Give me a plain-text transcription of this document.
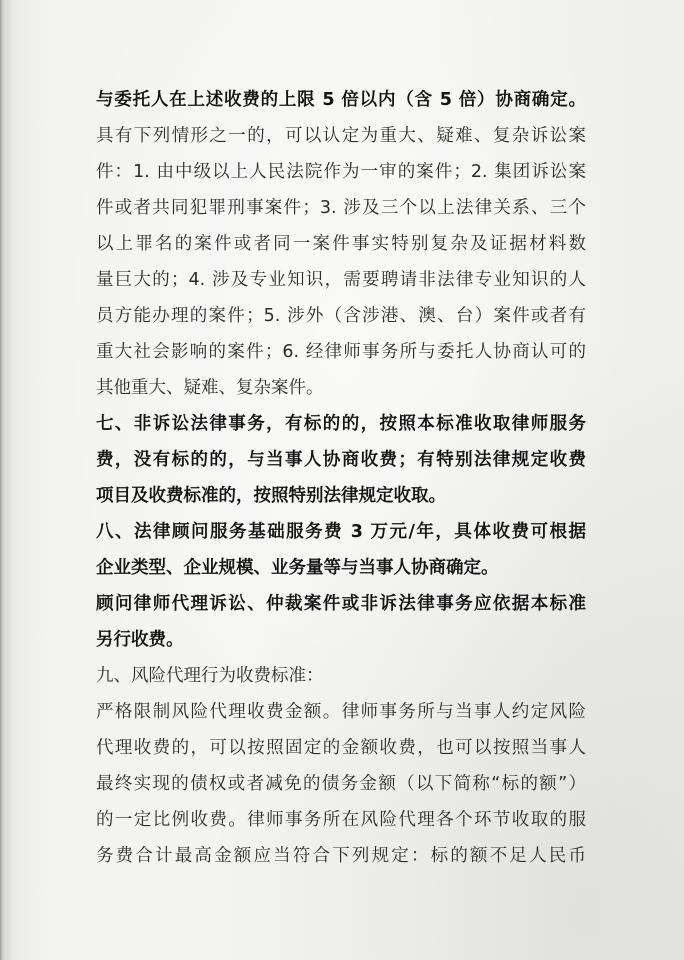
与委托人在上述收费的上限 5 倍以内（含 5 倍）协商确定。
具有下列情形之一的，可以认定为重大、疑难、复杂诉讼案
件：1. 由中级以上人民法院作为一审的案件；2. 集团诉讼案
件或者共同犯罪刑事案件；3. 涉及三个以上法律关系、三个
以上罪名的案件或者同一案件事实特别复杂及证据材料数
量巨大的；4. 涉及专业知识，需要聘请非法律专业知识的人
员方能办理的案件；5. 涉外（含涉港、澳、台）案件或者有
重大社会影响的案件；6. 经律师事务所与委托人协商认可的
其他重大、疑难、复杂案件。
七、非诉讼法律事务，有标的的，按照本标准收取律师服务
费，没有标的的，与当事人协商收费；有特别法律规定收费
项目及收费标准的，按照特别法律规定收取。
八、法律顾问服务基础服务费 3 万元/年，具体收费可根据
企业类型、企业规模、业务量等与当事人协商确定。
顾问律师代理诉讼、仲裁案件或非诉法律事务应依据本标准
另行收费。
九、风险代理行为收费标准：
严格限制风险代理收费金额。律师事务所与当事人约定风险
代理收费的，可以按照固定的金额收费，也可以按照当事人
最终实现的债权或者减免的债务金额（以下简称“标的额”）
的一定比例收费。律师事务所在风险代理各个环节收取的服
务费合计最高金额应当符合下列规定：标的额不足人民币
